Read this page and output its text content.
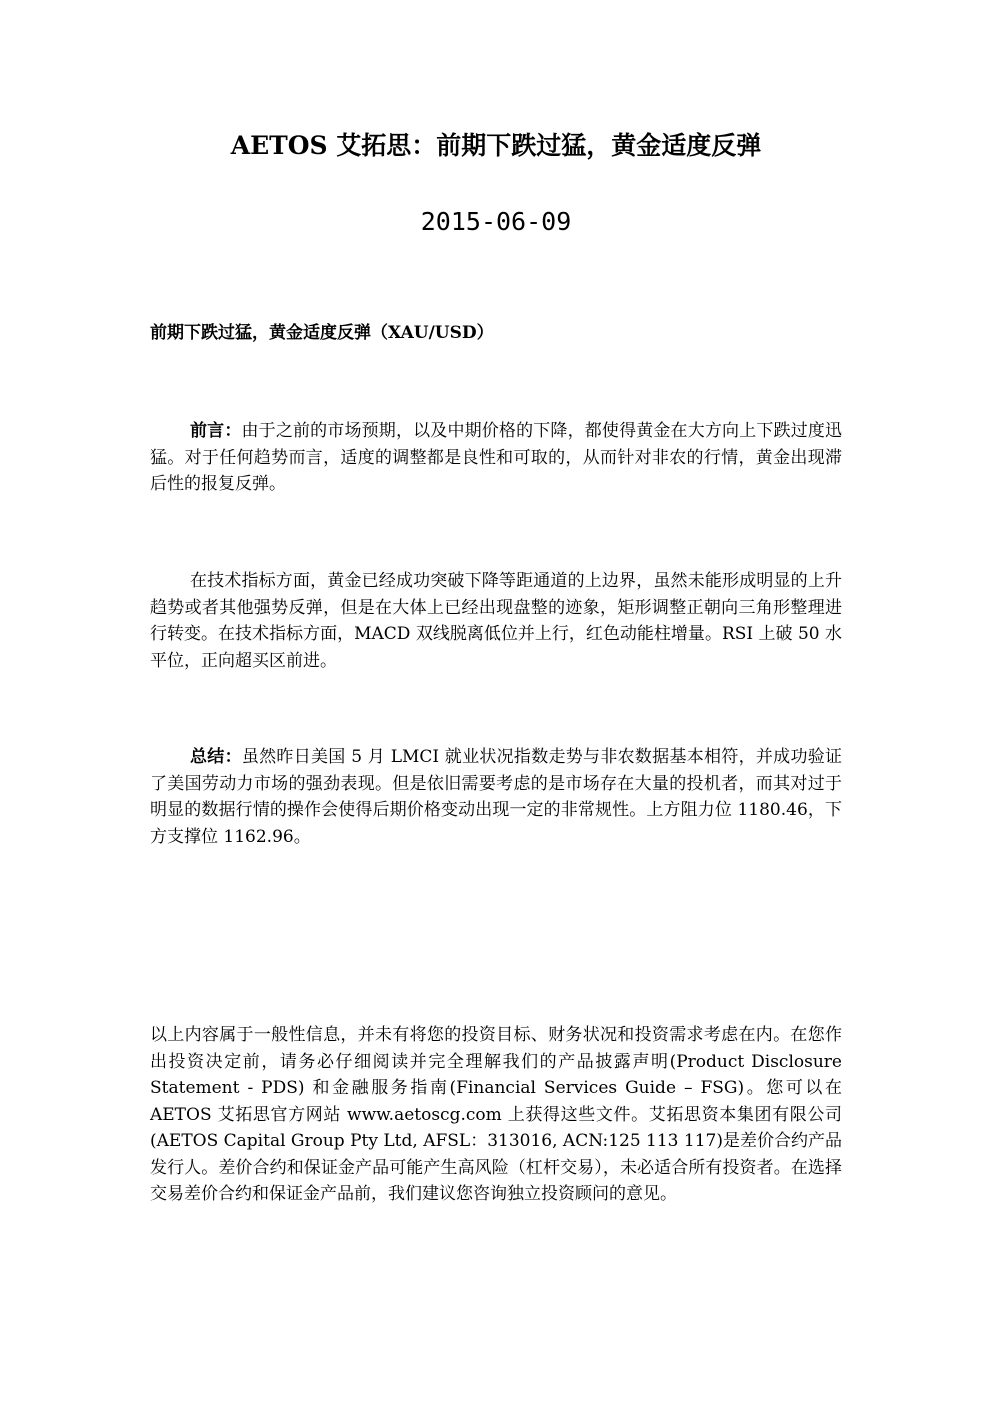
AETOS 艾拓思：前期下跌过猛，黄金适度反弹
2015-06-09
前期下跌过猛，黄金适度反弹（XAU/USD）

前言：由于之前的市场预期，以及中期价格的下降，都使得黄金在大方向上下跌过度迅猛。对于任何趋势而言，适度的调整都是良性和可取的，从而针对非农的行情，黄金出现滞后性的报复反弹。

在技术指标方面，黄金已经成功突破下降等距通道的上边界，虽然未能形成明显的上升趋势或者其他强势反弹，但是在大体上已经出现盘整的迹象，矩形调整正朝向三角形整理进行转变。在技术指标方面，MACD 双线脱离低位并上行，红色动能柱增量。RSI 上破 50 水平位，正向超买区前进。

总结：虽然昨日美国 5 月 LMCI 就业状况指数走势与非农数据基本相符，并成功验证了美国劳动力市场的强劲表现。但是依旧需要考虑的是市场存在大量的投机者，而其对过于明显的数据行情的操作会使得后期价格变动出现一定的非常规性。上方阻力位 1180.46，下方支撑位 1162.96。

以上内容属于一般性信息，并未有将您的投资目标、财务状况和投资需求考虑在内。在您作出投资决定前，请务必仔细阅读并完全理解我们的产品披露声明(Product Disclosure Statement - PDS) 和金融服务指南(Financial Services Guide – FSG)。您可以在 AETOS 艾拓思官方网站 www.aetoscg.com 上获得这些文件。艾拓思资本集团有限公司(AETOS Capital Group Pty Ltd, AFSL：313016, ACN:125 113 117)是差价合约产品发行人。差价合约和保证金产品可能产生高风险（杠杆交易），未必适合所有投资者。在选择交易差价合约和保证金产品前，我们建议您咨询独立投资顾问的意见。
